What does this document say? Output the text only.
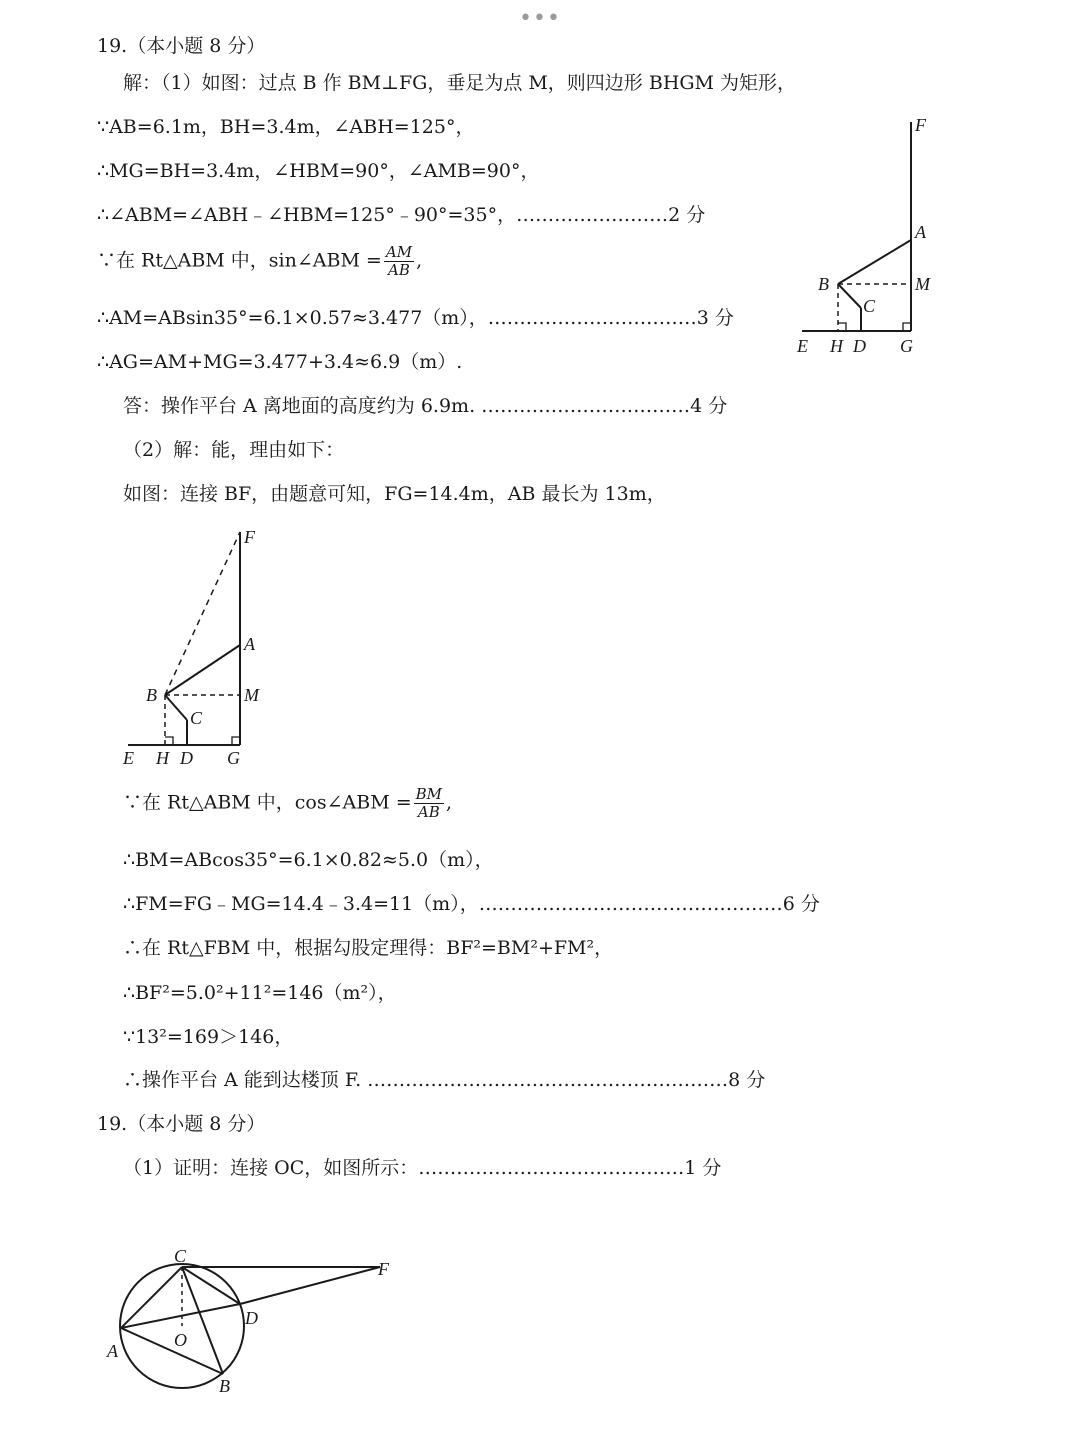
•••
19.（本小题 8 分）
解：（1）如图：过点 B 作 BM⊥FG，垂足为点 M，则四边形 BHGM 为矩形，
∵AB=6.1m，BH=3.4m，∠ABH=125°，
∴MG=BH=3.4m，∠HBM=90°，∠AMB=90°，
∴∠ABM=∠ABH﹣∠HBM=125°﹣90°=35°，……………………2 分
∵在 Rt△ABM 中，sin∠ABM = $\frac{AM}{AB}$ ,
∴AM=ABsin35°=6.1×0.57≈3.477（m），……………………………3 分
∴AG=AM+MG=3.477+3.4≈6.9（m）.
答：操作平台 A 离地面的高度约为 6.9m. ……………………………4 分
（2）解：能，理由如下：
如图：连接 BF，由题意可知，FG=14.4m，AB 最长为 13m，
∵在 Rt△ABM 中，cos∠ABM = $\frac{BM}{AB}$ ,
∴BM=ABcos35°=6.1×0.82≈5.0（m），
∴FM=FG﹣MG=14.4﹣3.4=11（m），…………………………………………6 分
∴在 Rt△FBM 中，根据勾股定理得：BF²=BM²+FM²，
∴BF²=5.0²+11²=146（m²），
∵13²=169＞146，
∴操作平台 A 能到达楼顶 F. …………………………………………………8 分
19.（本小题 8 分）
（1）证明：连接 OC，如图所示：……………………………………1 分
F
A
M
B
C
E H D G
F
A
B	M
C
E H D G
C
F
D
O
A
B
